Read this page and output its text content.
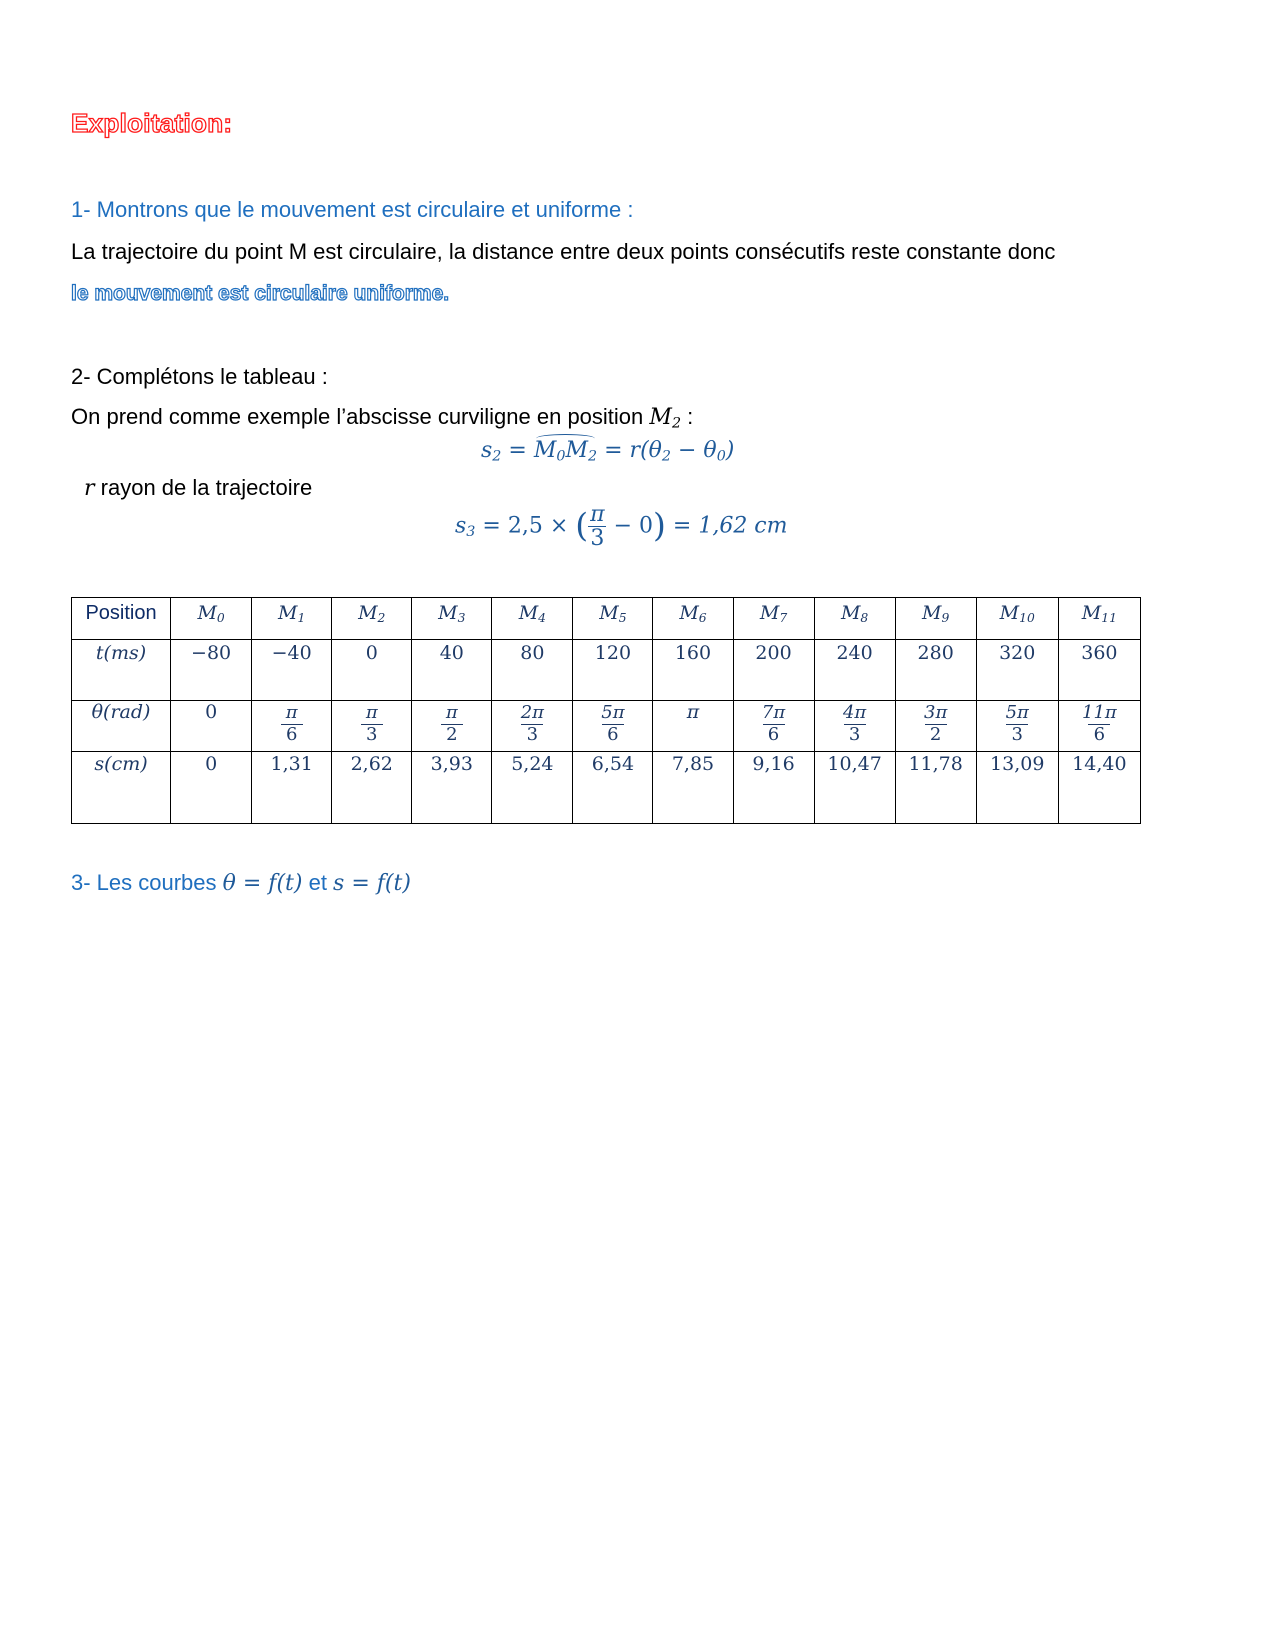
Exploitation:
1- Montrons que le mouvement est circulaire et uniforme :
La trajectoire du point M est circulaire, la distance entre deux points consécutifs reste constante donc
le mouvement est circulaire uniforme.
2- Complétons le tableau :
On prend comme exemple l’abscisse curviligne en position $M_2$ :
$s_2 = M_0M_2 = r(\theta_2 - \theta_0)$
r rayon de la trajectoire
$s_3 = 2,5$ × ( $\frac{\pi}{3} - 0) = 1,62$ cm
Position	$M_0$	$M_1$	$M_2$	$M_3$	$M_4$	$M_5$	$M_6$	$M_7$	$M_8$	$M_9$	$M_{10}$	$M_{11}$
t(ms)	−80	−40	0	40	80	120	160	200	240	280	320	360
θ(rad)	0	$\frac{\pi}{6}$	$\frac{\pi}{3}$	$\frac{\pi}{2}$	$\frac{2\pi}{3}$	$\frac{5\pi}{6}$	π	$\frac{7\pi}{6}$	$\frac{4\pi}{3}$	$\frac{3\pi}{2}$	$\frac{5\pi}{3}$	$\frac{11\pi}{6}$

s(cm)	0	1,31	2,62	3,93	5,24	6,54	7,85	9,16	10,47	11,78	13,09	14,40
3- Les courbes θ = f(t) et s = f(t)
